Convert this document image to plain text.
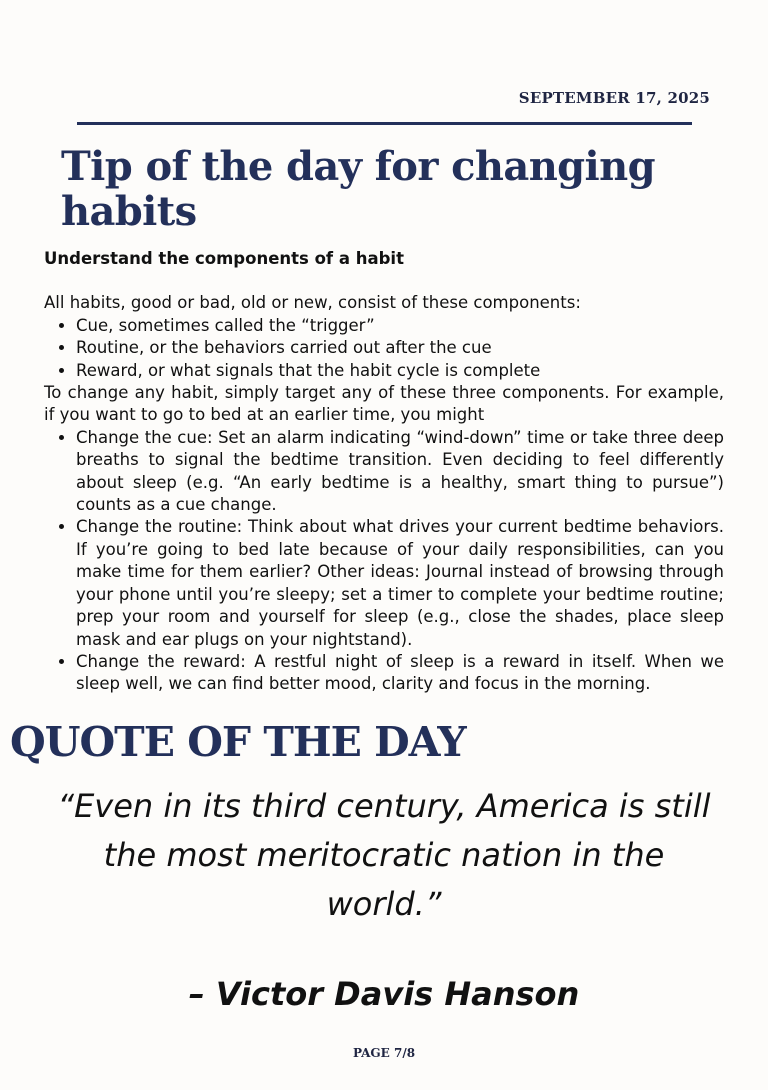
SEPTEMBER 17, 2025
Tip of the day for changing habits
Understand the components of a habit

All habits, good or bad, old or new, consist of these components:

• Cue, sometimes called the “trigger”
• Routine, or the behaviors carried out after the cue
• Reward, or what signals that the habit cycle is complete

To change any habit, simply target any of these three components. For example, if you want to go to bed at an earlier time, you might

• Change the cue: Set an alarm indicating “wind-down” time or take three deep breaths to signal the bedtime transition. Even deciding to feel differently about sleep (e.g. “An early bedtime is a healthy, smart thing to pursue”) counts as a cue change.
• Change the routine: Think about what drives your current bedtime behaviors. If you’re going to bed late because of your daily responsibilities, can you make time for them earlier? Other ideas: Journal instead of browsing through your phone until you’re sleepy; set a timer to complete your bedtime routine; prep your room and yourself for sleep (e.g., close the shades, place sleep mask and ear plugs on your nightstand).
• Change the reward: A restful night of sleep is a reward in itself. When we sleep well, we can find better mood, clarity and focus in the morning.
QUOTE OF THE DAY
“Even in its third century, America is still the most meritocratic nation in the world.”
– Victor Davis Hanson
PAGE 7/8
